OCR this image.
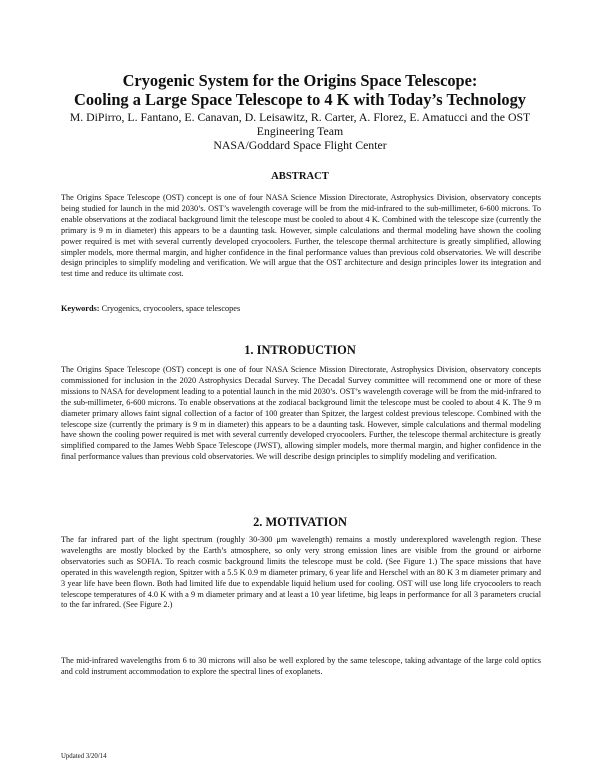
Cryogenic System for the Origins Space Telescope:
Cooling a Large Space Telescope to 4 K with Today’s Technology
M. DiPirro, L. Fantano, E. Canavan, D. Leisawitz, R. Carter, A. Florez, E. Amatucci and the OST
Engineering Team
NASA/Goddard Space Flight Center
ABSTRACT
The Origins Space Telescope (OST) concept is one of four NASA Science Mission Directorate, Astrophysics Division, observatory concepts being studied for launch in the mid 2030’s. OST’s wavelength coverage will be from the mid-infrared to the sub-millimeter, 6-600 microns. To enable observations at the zodiacal background limit the telescope must be cooled to about 4 K. Combined with the telescope size (currently the primary is 9 m in diameter) this appears to be a daunting task. However, simple calculations and thermal modeling have shown the cooling power required is met with several currently developed cryocoolers. Further, the telescope thermal architecture is greatly simplified, allowing simpler models, more thermal margin, and higher confidence in the final performance values than previous cold observatories. We will describe design principles to simplify modeling and verification. We will argue that the OST architecture and design principles lower its integration and test time and reduce its ultimate cost.
Keywords: Cryogenics, cryocoolers, space telescopes
1. INTRODUCTION
The Origins Space Telescope (OST) concept is one of four NASA Science Mission Directorate, Astrophysics Division, observatory concepts commissioned for inclusion in the 2020 Astrophysics Decadal Survey. The Decadal Survey committee will recommend one or more of these missions to NASA for development leading to a potential launch in the mid 2030’s. OST’s wavelength coverage will be from the mid-infrared to the sub-millimeter, 6-600 microns. To enable observations at the zodiacal background limit the telescope must be cooled to about 4 K. The 9 m diameter primary allows faint signal collection of a factor of 100 greater than Spitzer, the largest coldest previous telescope. Combined with the telescope size (currently the primary is 9 m in diameter) this appears to be a daunting task. However, simple calculations and thermal modeling have shown the cooling power required is met with several currently developed cryocoolers. Further, the telescope thermal architecture is greatly simplified compared to the James Webb Space Telescope (JWST), allowing simpler models, more thermal margin, and higher confidence in the final performance values than previous cold observatories. We will describe design principles to simplify modeling and verification.
2. MOTIVATION
The far infrared part of the light spectrum (roughly 30-300 μm wavelength) remains a mostly underexplored wavelength region. These wavelengths are mostly blocked by the Earth’s atmosphere, so only very strong emission lines are visible from the ground or airborne observatories such as SOFIA. To reach cosmic background limits the telescope must be cold. (See Figure 1.) The space missions that have operated in this wavelength region, Spitzer with a 5.5 K 0.9 m diameter primary, 6 year life and Herschel with an 80 K 3 m diameter primary and 3 year life have been flown. Both had limited life due to expendable liquid helium used for cooling. OST will use long life cryocoolers to reach telescope temperatures of 4.0 K with a 9 m diameter primary and at least a 10 year lifetime, big leaps in performance for all 3 parameters crucial to the far infrared. (See Figure 2.)
The mid-infrared wavelengths from 6 to 30 microns will also be well explored by the same telescope, taking advantage of the large cold optics and cold instrument accommodation to explore the spectral lines of exoplanets.
Updated 3/20/14
